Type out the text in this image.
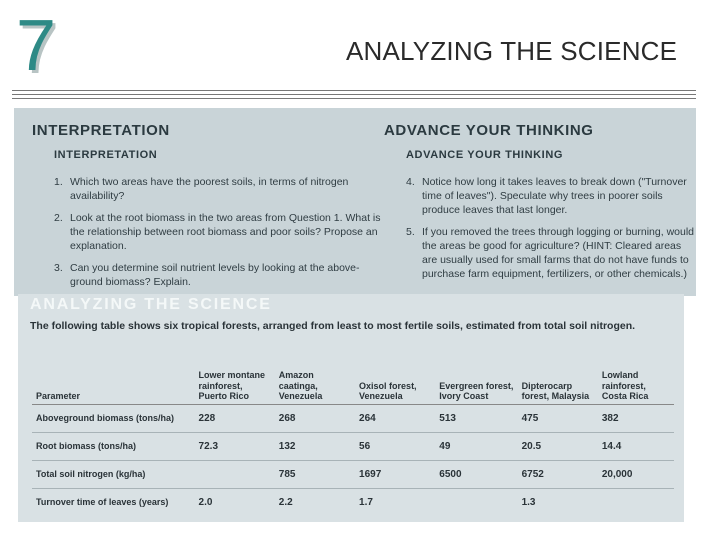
7	ANALYZING THE SCIENCE
INTERPRETATION
INTERPRETATION
1. Which two areas have the poorest soils, in terms of nitrogen availability?
2. Look at the root biomass in the two areas from Question 1. What is the relationship between root biomass and poor soils? Propose an explanation.
3. Can you determine soil nutrient levels by looking at the above-ground biomass? Explain.
ADVANCE YOUR THINKING
ADVANCE YOUR THINKING
4. Notice how long it takes leaves to break down ("Turnover time of leaves"). Speculate why trees in poorer soils produce leaves that last longer.
5. If you removed the trees through logging or burning, would the areas be good for agriculture? (HINT: Cleared areas are usually used for small farms that do not have funds to purchase farm equipment, fertilizers, or other chemicals.)
ANALYZING THE SCIENCE
The following table shows six tropical forests, arranged from least to most fertile soils, estimated from total soil nitrogen.
Parameter	Lower montane rainforest, Puerto Rico	Amazon caatinga, Venezuela	Oxisol forest, Venezuela	Evergreen forest, Ivory Coast	Dipterocarp forest, Malaysia	Lowland rainforest, Costa Rica
Aboveground biomass (tons/ha)	228	268	264	513	475	382
Root biomass (tons/ha)	72.3	132	56	49	20.5	14.4
Total soil nitrogen (kg/ha)		785	1697	6500	6752	20,000
Turnover time of leaves (years)	2.0	2.2	1.7		1.3	
